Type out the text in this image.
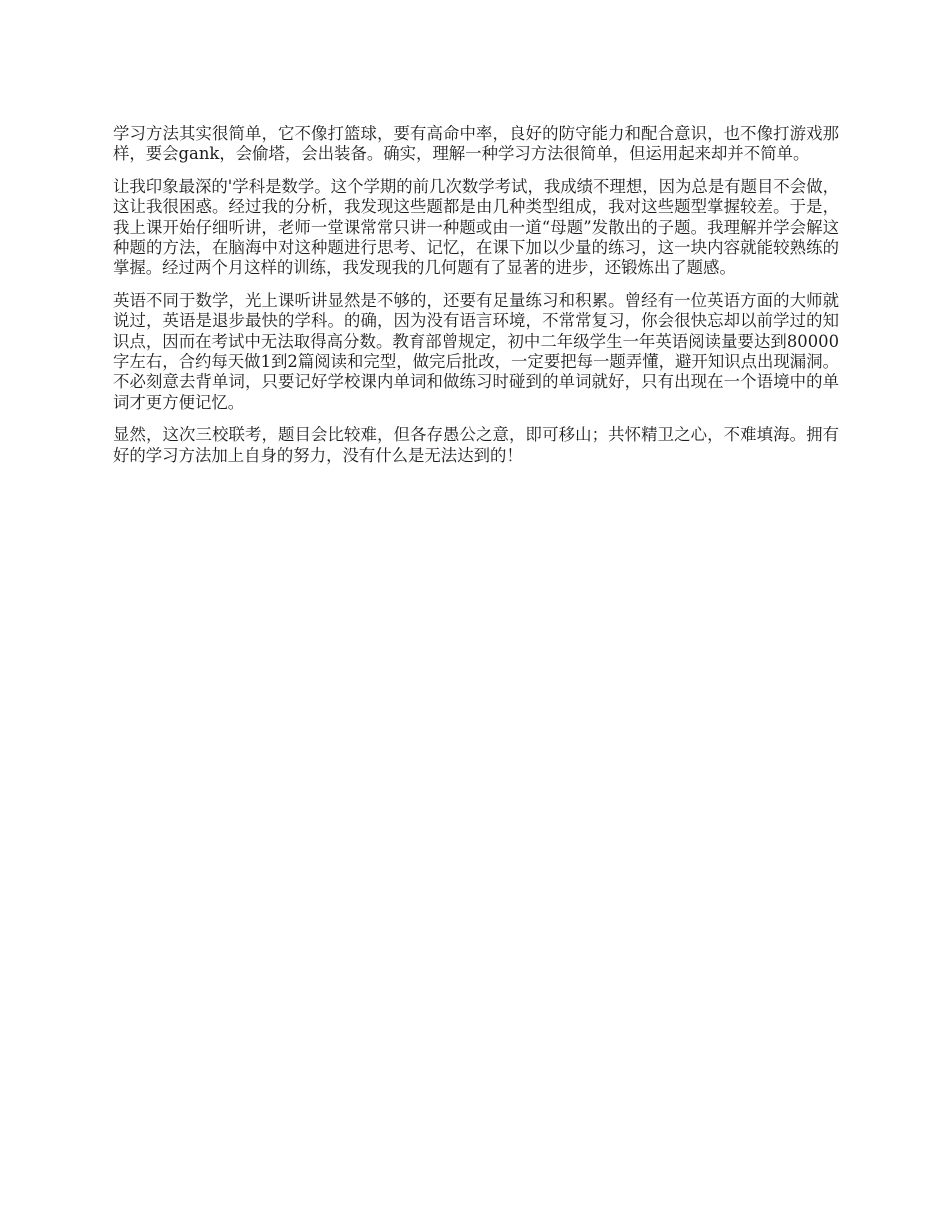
学习方法其实很简单，它不像打篮球，要有高命中率，良好的防守能力和配合意识，也不像打游戏那样，要会gank，会偷塔，会出装备。确实，理解一种学习方法很简单，但运用起来却并不简单。

让我印象最深的'学科是数学。这个学期的前几次数学考试，我成绩不理想，因为总是有题目不会做，这让我很困惑。经过我的分析，我发现这些题都是由几种类型组成，我对这些题型掌握较差。于是，我上课开始仔细听讲，老师一堂课常常只讲一种题或由一道“母题”发散出的子题。我理解并学会解这种题的方法，在脑海中对这种题进行思考、记忆，在课下加以少量的练习，这一块内容就能较熟练的掌握。经过两个月这样的训练，我发现我的几何题有了显著的进步，还锻炼出了题感。

英语不同于数学，光上课听讲显然是不够的，还要有足量练习和积累。曾经有一位英语方面的大师就说过，英语是退步最快的学科。的确，因为没有语言环境，不常常复习，你会很快忘却以前学过的知识点，因而在考试中无法取得高分数。教育部曾规定，初中二年级学生一年英语阅读量要达到80000字左右，合约每天做1到2篇阅读和完型，做完后批改，一定要把每一题弄懂，避开知识点出现漏洞。不必刻意去背单词，只要记好学校课内单词和做练习时碰到的单词就好，只有出现在一个语境中的单词才更方便记忆。

显然，这次三校联考，题目会比较难，但各存愚公之意，即可移山；共怀精卫之心，不难填海。拥有好的学习方法加上自身的努力，没有什么是无法达到的！
